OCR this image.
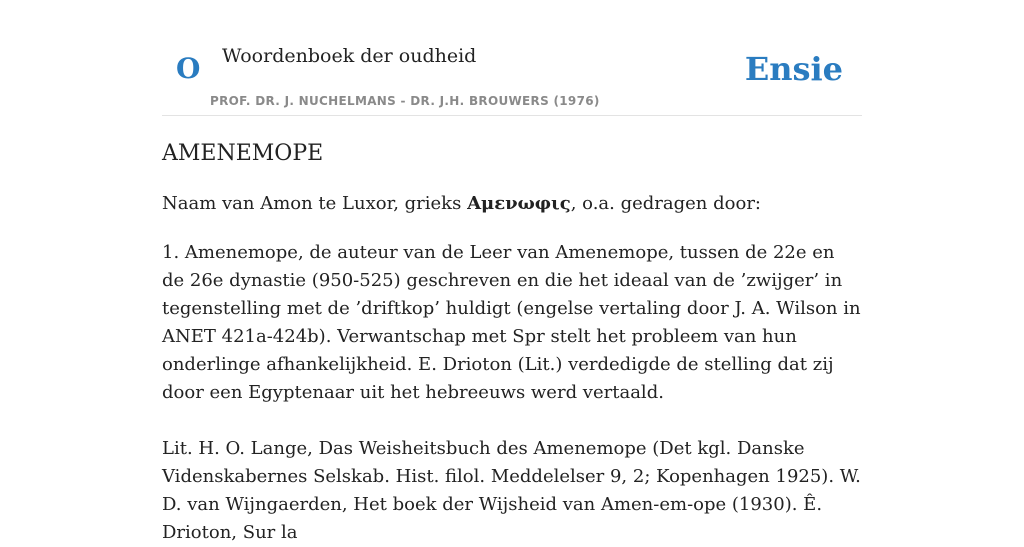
O Woordenboek der oudheid
PROF. DR. J. NUCHELMANS - DR. J.H. BROUWERS (1976)
Ensie
AMENEMOPE

Naam van Amon te Luxor, grieks Αμενωφις, o.a. gedragen door:

1. Amenemope, de auteur van de Leer van Amenemope, tussen de 22e en de 26e dynastie (950-525) geschreven en die het ideaal van de ’zwijger’ in tegenstelling met de ’driftkop’ huldigt (engelse vertaling door J. A. Wilson in ANET 421a-424b). Verwantschap met Spr stelt het probleem van hun onderlinge afhankelijkheid. E. Drioton (Lit.) verdedigde de stelling dat zij door een Egyptenaar uit het hebreeuws werd vertaald.

Lit. H. O. Lange, Das Weisheitsbuch des Amenemope (Det kgl. Danske Videnskabernes Selskab. Hist. filol. Meddelelser 9, 2; Kopenhagen 1925). W. D. van Wijngaerden, Het boek der Wijsheid van Amen-em-ope (1930). Ê. Drioton, Sur la
